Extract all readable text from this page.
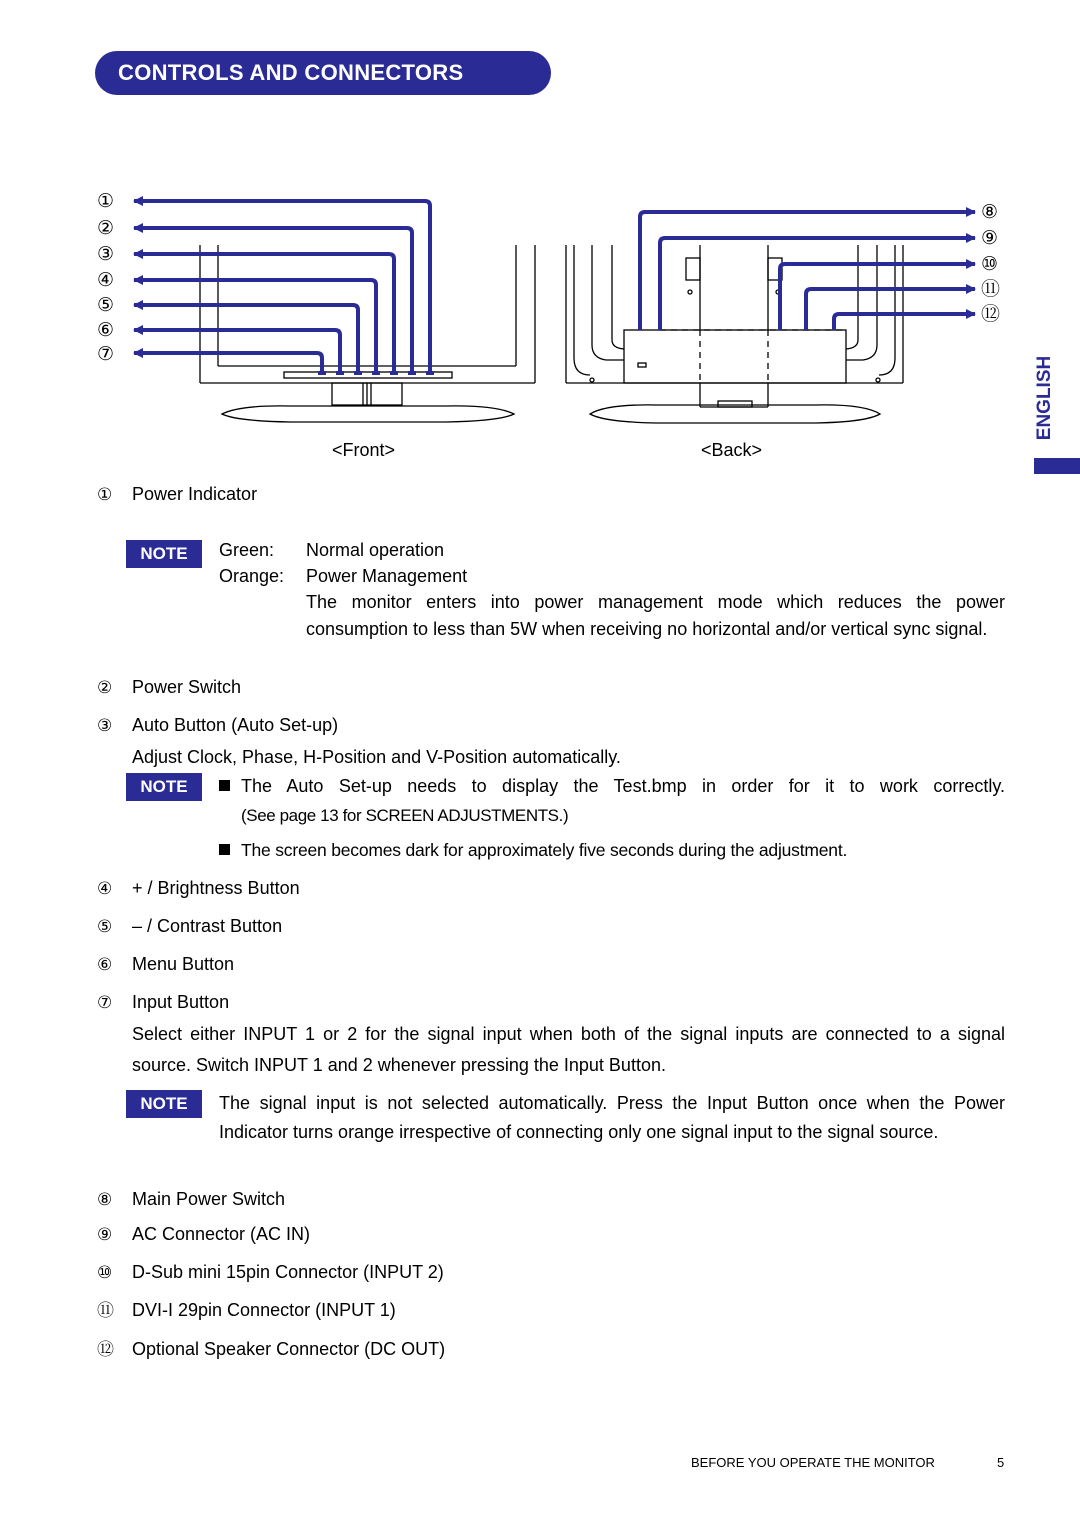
CONTROLS AND CONNECTORS
ENGLISH
①
②
③
④
⑤
⑥
⑦
⑧
⑨
⑩
⑪
⑫
<Front>	<Back>
① Power Indicator
NOTE	Green: Normal operation
Orange: Power Management
The monitor enters into power management mode which reduces the power consumption to less than 5W when receiving no horizontal and/or vertical sync signal.
② Power Switch
③ Auto Button (Auto Set-up)
Adjust Clock, Phase, H-Position and V-Position automatically.
NOTE	The Auto Set-up needs to display the Test.bmp in order for it to work correctly.
(See page 13 for SCREEN ADJUSTMENTS.)
The screen becomes dark for approximately five seconds during the adjustment.
④ + / Brightness Button
⑤ – / Contrast Button
⑥ Menu Button
⑦ Input Button
Select either INPUT 1 or 2 for the signal input when both of the signal inputs are connected to a signal source. Switch INPUT 1 and 2 whenever pressing the Input Button.
NOTE	The signal input is not selected automatically. Press the Input Button once when the Power Indicator turns orange irrespective of connecting only one signal input to the signal source.
⑧ Main Power Switch
⑨ AC Connector (AC IN)
⑩ D-Sub mini 15pin Connector (INPUT 2)
⑪ DVI-I 29pin Connector (INPUT 1)
⑫ Optional Speaker Connector (DC OUT)
BEFORE YOU OPERATE THE MONITOR	5
